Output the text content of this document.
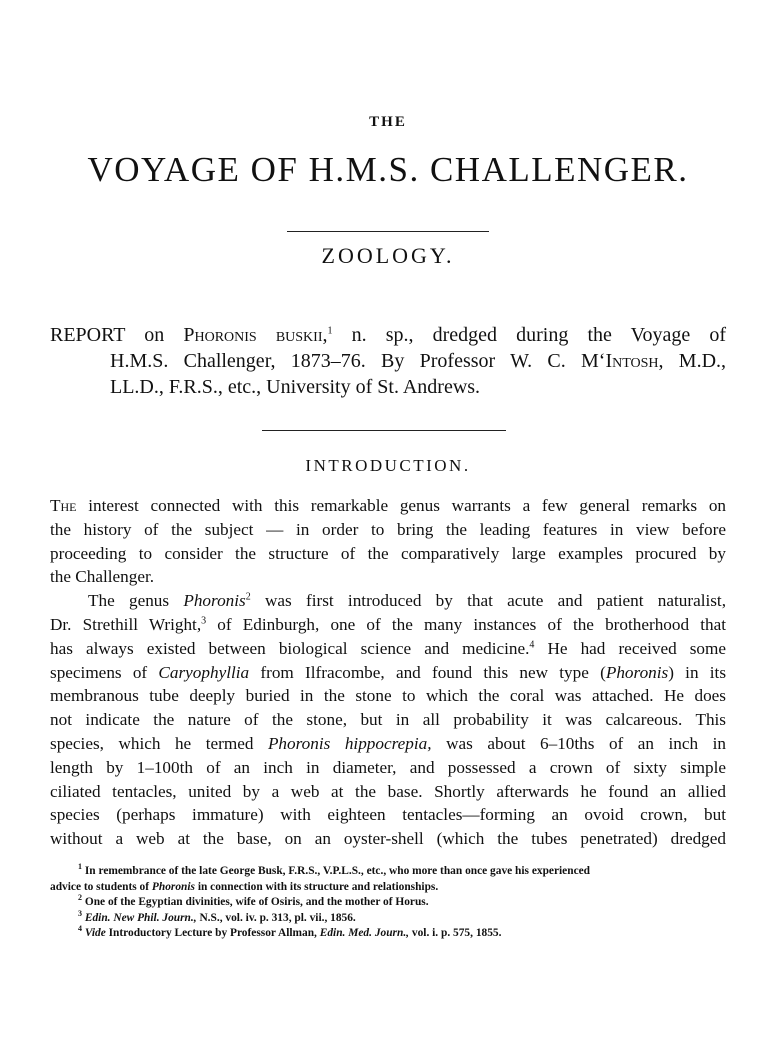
THE
VOYAGE OF H.M.S. CHALLENGER.
ZOOLOGY.
REPORT on Phoronis buskii,$^1$ n. sp., dredged during the Voyage of
H.M.S. Challenger, 1873–76. By Professor W. C. MʻIntosh, M.D.,
LL.D., F.R.S., etc., University of St. Andrews.
INTRODUCTION.
The interest connected with this remarkable genus warrants a few general remarks on
the history of the subject — in order to bring the leading features in view before
proceeding to consider the structure of the comparatively large examples procured by
the Challenger.
The genus Phoronis$^2$ was first introduced by that acute and patient naturalist,
Dr. Strethill Wright,$^3$ of Edinburgh, one of the many instances of the brotherhood that
has always existed between biological science and medicine.$^4$ He had received some
specimens of Caryophyllia from Ilfracombe, and found this new type (Phoronis) in its
membranous tube deeply buried in the stone to which the coral was attached. He does
not indicate the nature of the stone, but in all probability it was calcareous. This
species, which he termed Phoronis hippocrepia, was about 6–10ths of an inch in
length by 1–100th of an inch in diameter, and possessed a crown of sixty simple
ciliated tentacles, united by a web at the base. Shortly afterwards he found an allied
species (perhaps immature) with eighteen tentacles—forming an ovoid crown, but
without a web at the base, on an oyster-shell (which the tubes penetrated) dredged
$^1$ In remembrance of the late George Busk, F.R.S., V.P.L.S., etc., who more than once gave his experienced
advice to students of Phoronis in connection with its structure and relationships.
$^2$ One of the Egyptian divinities, wife of Osiris, and the mother of Horus.
$^3$ Edin. New Phil. Journ., N.S., vol. iv. p. 313, pl. vii., 1856.
$^4$ Vide Introductory Lecture by Professor Allman, Edin. Med. Journ., vol. i. p. 575, 1855.
